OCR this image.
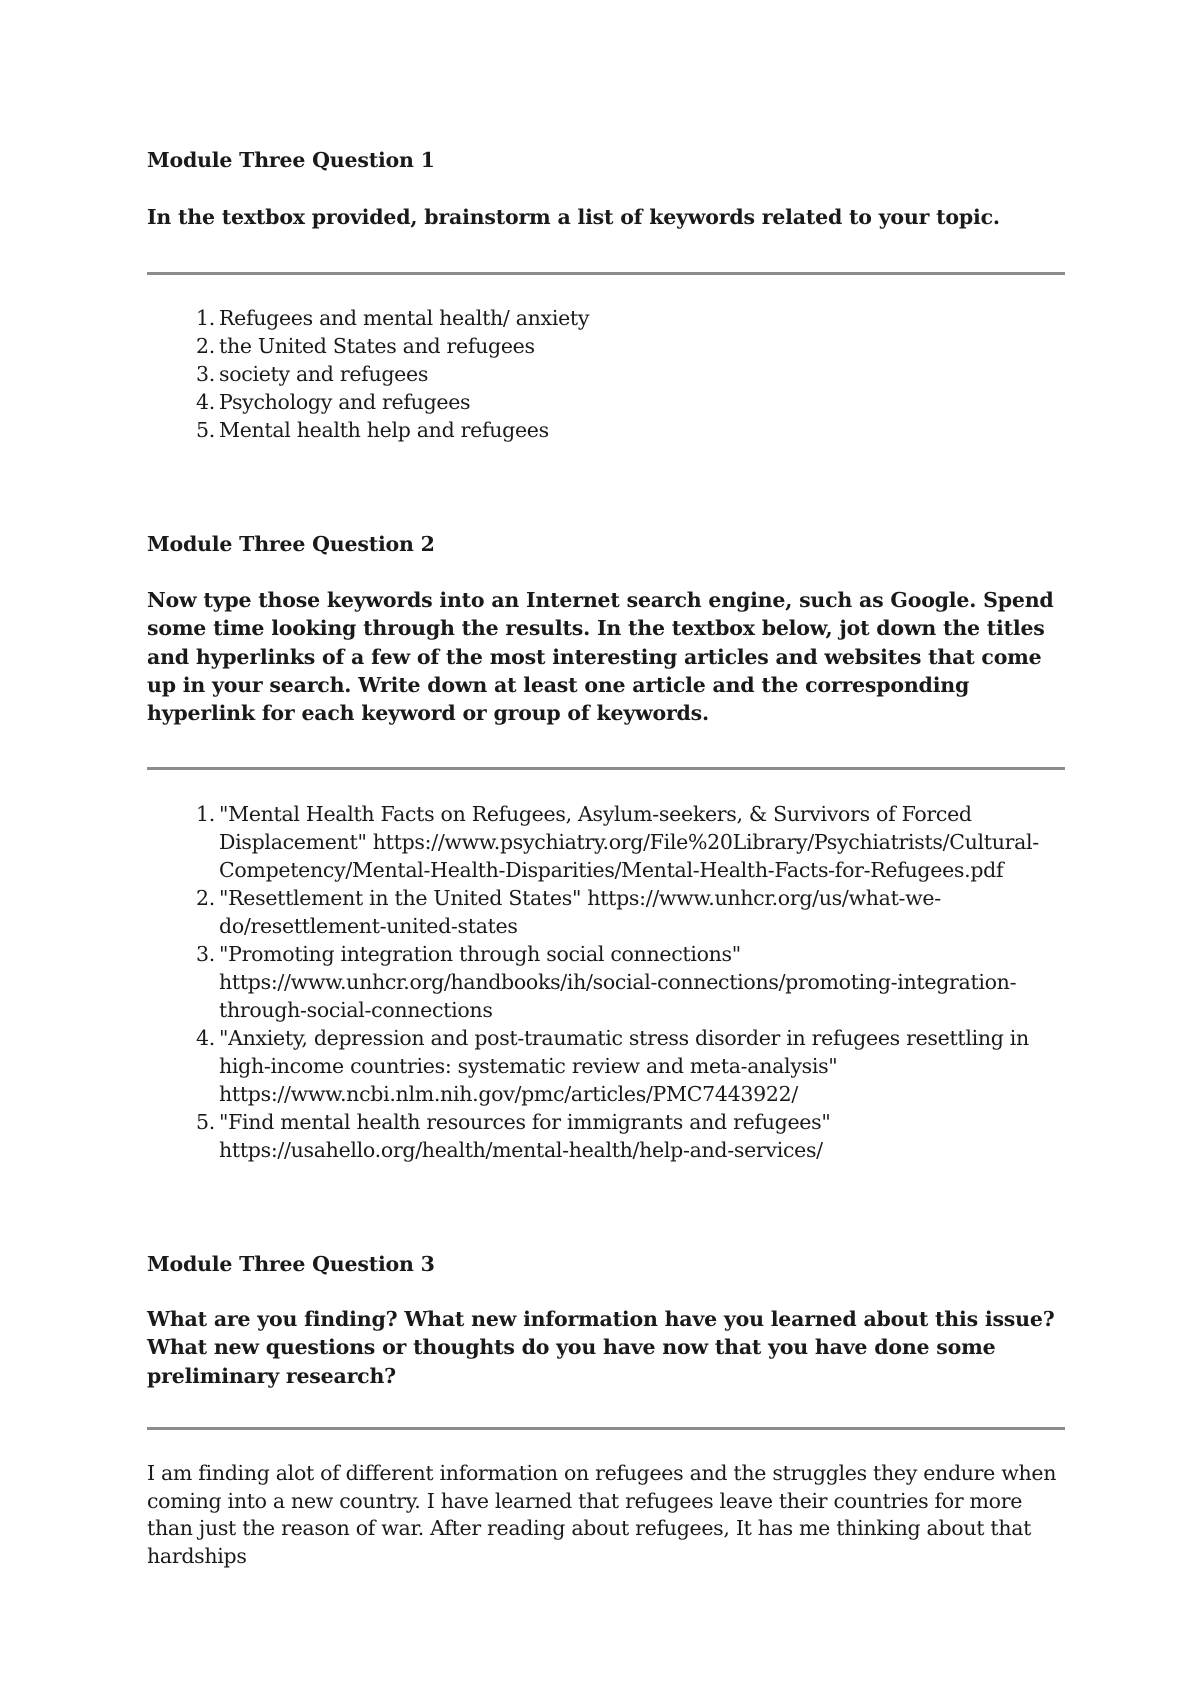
Module Three Question 1

In the textbox provided, brainstorm a list of keywords related to your topic.

1. Refugees and mental health/ anxiety
2. the United States and refugees
3. society and refugees
4. Psychology and refugees
5. Mental health help and refugees

Module Three Question 2

Now type those keywords into an Internet search engine, such as Google. Spend some time looking through the results. In the textbox below, jot down the titles and hyperlinks of a few of the most interesting articles and websites that come up in your search. Write down at least one article and the corresponding hyperlink for each keyword or group of keywords.

1. "Mental Health Facts on Refugees, Asylum-seekers, & Survivors of Forced Displacement" https://www.psychiatry.org/File%20Library/Psychiatrists/Cultural-Competency/Mental-Health-Disparities/Mental-Health-Facts-for-Refugees.pdf
2. "Resettlement in the United States" https://www.unhcr.org/us/what-we-do/resettlement-united-states
3. "Promoting integration through social connections" https://www.unhcr.org/handbooks/ih/social-connections/promoting-integration-through-social-connections
4. "Anxiety, depression and post-traumatic stress disorder in refugees resettling in high-income countries: systematic review and meta-analysis" https://www.ncbi.nlm.nih.gov/pmc/articles/PMC7443922/
5. "Find mental health resources for immigrants and refugees" https://usahello.org/health/mental-health/help-and-services/

Module Three Question 3

What are you finding? What new information have you learned about this issue? What new questions or thoughts do you have now that you have done some preliminary research?

I am finding alot of different information on refugees and the struggles they endure when coming into a new country. I have learned that refugees leave their countries for more than just the reason of war. After reading about refugees, It has me thinking about that hardships
